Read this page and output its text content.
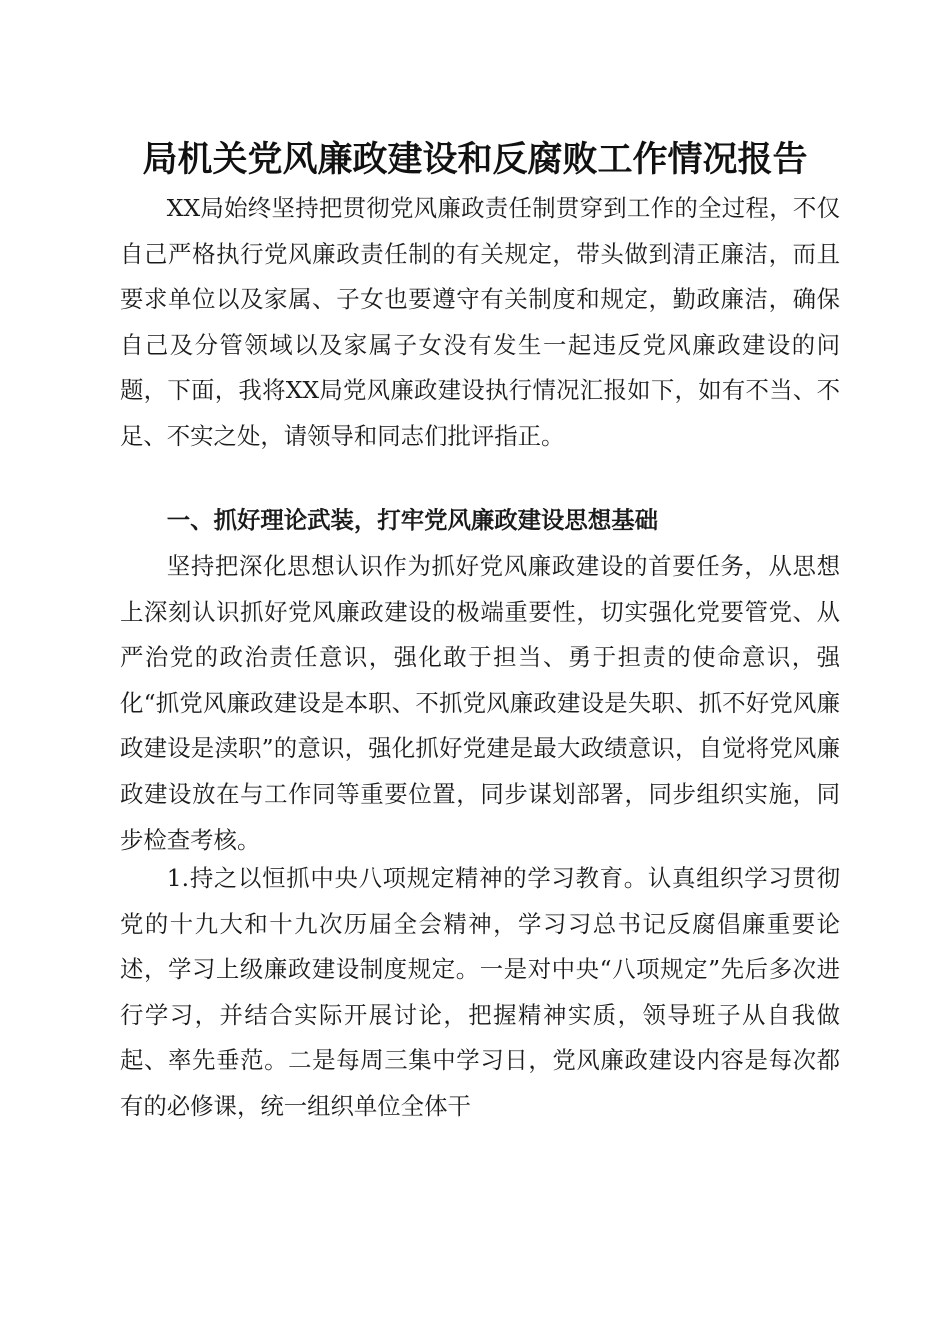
局机关党风廉政建设和反腐败工作情况报告

XX局始终坚持把贯彻党风廉政责任制贯穿到工作的全过程，不仅自己严格执行党风廉政责任制的有关规定，带头做到清正廉洁，而且要求单位以及家属、子女也要遵守有关制度和规定，勤政廉洁，确保自己及分管领域以及家属子女没有发生一起违反党风廉政建设的问题，下面，我将XX局党风廉政建设执行情况汇报如下，如有不当、不足、不实之处，请领导和同志们批评指正。

一、抓好理论武装，打牢党风廉政建设思想基础

坚持把深化思想认识作为抓好党风廉政建设的首要任务，从思想上深刻认识抓好党风廉政建设的极端重要性，切实强化党要管党、从严治党的政治责任意识，强化敢于担当、勇于担责的使命意识，强化“抓党风廉政建设是本职、不抓党风廉政建设是失职、抓不好党风廉政建设是渎职”的意识，强化抓好党建是最大政绩意识，自觉将党风廉政建设放在与工作同等重要位置，同步谋划部署，同步组织实施，同步检查考核。

1.持之以恒抓中央八项规定精神的学习教育。认真组织学习贯彻党的十九大和十九次历届全会精神，学习习总书记反腐倡廉重要论述，学习上级廉政建设制度规定。一是对中央“八项规定”先后多次进行学习，并结合实际开展讨论，把握精神实质，领导班子从自我做起、率先垂范。二是每周三集中学习日，党风廉政建设内容是每次都有的必修课，统一组织单位全体干
